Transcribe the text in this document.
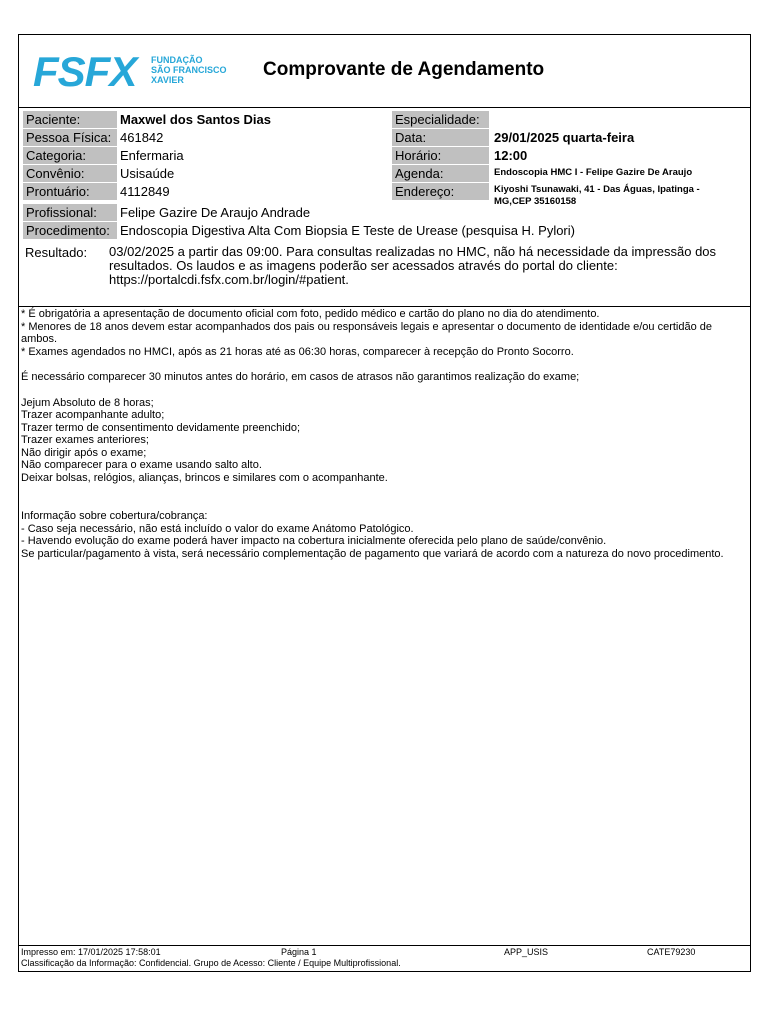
FSFX FUNDAÇÃO
SÃO FRANCISCO
XAVIER	Comprovante de Agendamento
Paciente:	Maxwel dos Santos Dias
Pessoa Física: 461842
Categoria:	Enfermaria
Convênio:	Usisaúde
Prontuário:	4112849
Profissional:	Felipe Gazire De Araujo Andrade
Procedimento: Endoscopia Digestiva Alta Com Biopsia E Teste de Urease (pesquisa H. Pylori)
Especialidade:
Data:	29/01/2025 quarta-feira
Horário:	12:00
Agenda:	Endoscopia HMC I - Felipe Gazire De Araujo
Endereço:	Kiyoshi Tsunawaki, 41 - Das Águas, Ipatinga -
MG,CEP 35160158
Resultado: 03/02/2025 a partir das 09:00. Para consultas realizadas no HMC, não há necessidade da impressão dos resultados. Os laudos e as imagens poderão ser acessados através do portal do cliente: https://portalcdi.fsfx.com.br/login/#patient.

* É obrigatória a apresentação de documento oficial com foto, pedido médico e cartão do plano no dia do atendimento.

* Menores de 18 anos devem estar acompanhados dos pais ou responsáveis legais e apresentar o documento de identidade e/ou certidão de ambos.

* Exames agendados no HMCI, após as 21 horas até as 06:30 horas, comparecer à recepção do Pronto Socorro.

É necessário comparecer 30 minutos antes do horário, em casos de atrasos não garantimos realização do exame;

Jejum Absoluto de 8 horas;

Trazer acompanhante adulto;

Trazer termo de consentimento devidamente preenchido;

Trazer exames anteriores;

Não dirigir após o exame;

Não comparecer para o exame usando salto alto.

Deixar bolsas, relógios, alianças, brincos e similares com o acompanhante.

Informação sobre cobertura/cobrança:

- Caso seja necessário, não está incluído o valor do exame Anátomo Patológico.

- Havendo evolução do exame poderá haver impacto na cobertura inicialmente oferecida pelo plano de saúde/convênio.

Se particular/pagamento à vista, será necessário complementação de pagamento que variará de acordo com a natureza do novo procedimento.

Impresso em: 17/01/2025 17:58:01	Página 1	APP_USIS	CATE79230
Classificação da Informação: Confidencial. Grupo de Acesso: Cliente / Equipe Multiprofissional.
